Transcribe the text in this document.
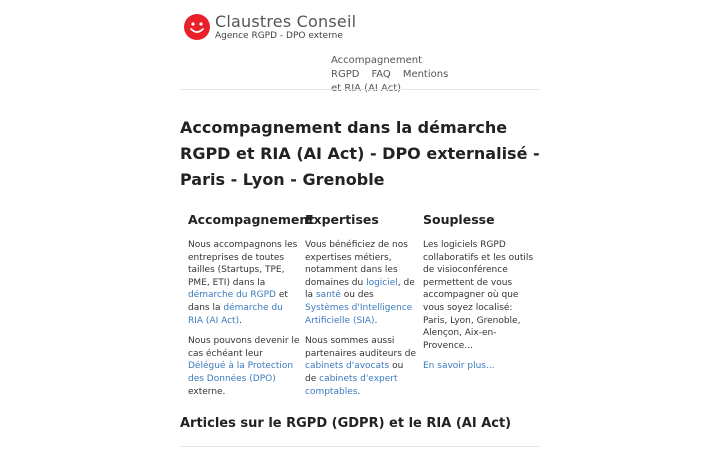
Claustres Conseil
Agence RGPD - DPO externe
Accompagnement RGPD FAQ Mentions

Accompagnement dans la démarche RGPD et RIA (AI Act) - DPO externalisé - Paris - Lyon - Grenoble
Accompagnement

Nous accompagnons les entreprises de toutes tailles (Startups, TPE, PME, ETI) dans la démarche du RGPD et dans la démarche du RIA (AI Act).

Nous pouvons devenir le cas échéant leur Délégué à la Protection des Données (DPO) externe.

Expertises

Vous bénéficiez de nos expertises métiers, notamment dans les domaines du logiciel, de la santé ou des Systèmes d'Intelligence Artificielle (SIA).

Nous sommes aussi partenaires auditeurs de cabinets d'avocats ou de cabinets d'expert comptables.

Souplesse

Les logiciels RGPD collaboratifs et les outils de visioconférence permettent de vous accompagner où que vous soyez localisé: Paris, Lyon, Grenoble, Alençon, Aix-en-Provence...

En savoir plus...

Articles sur le RGPD (GDPR) et le RIA (AI Act)
